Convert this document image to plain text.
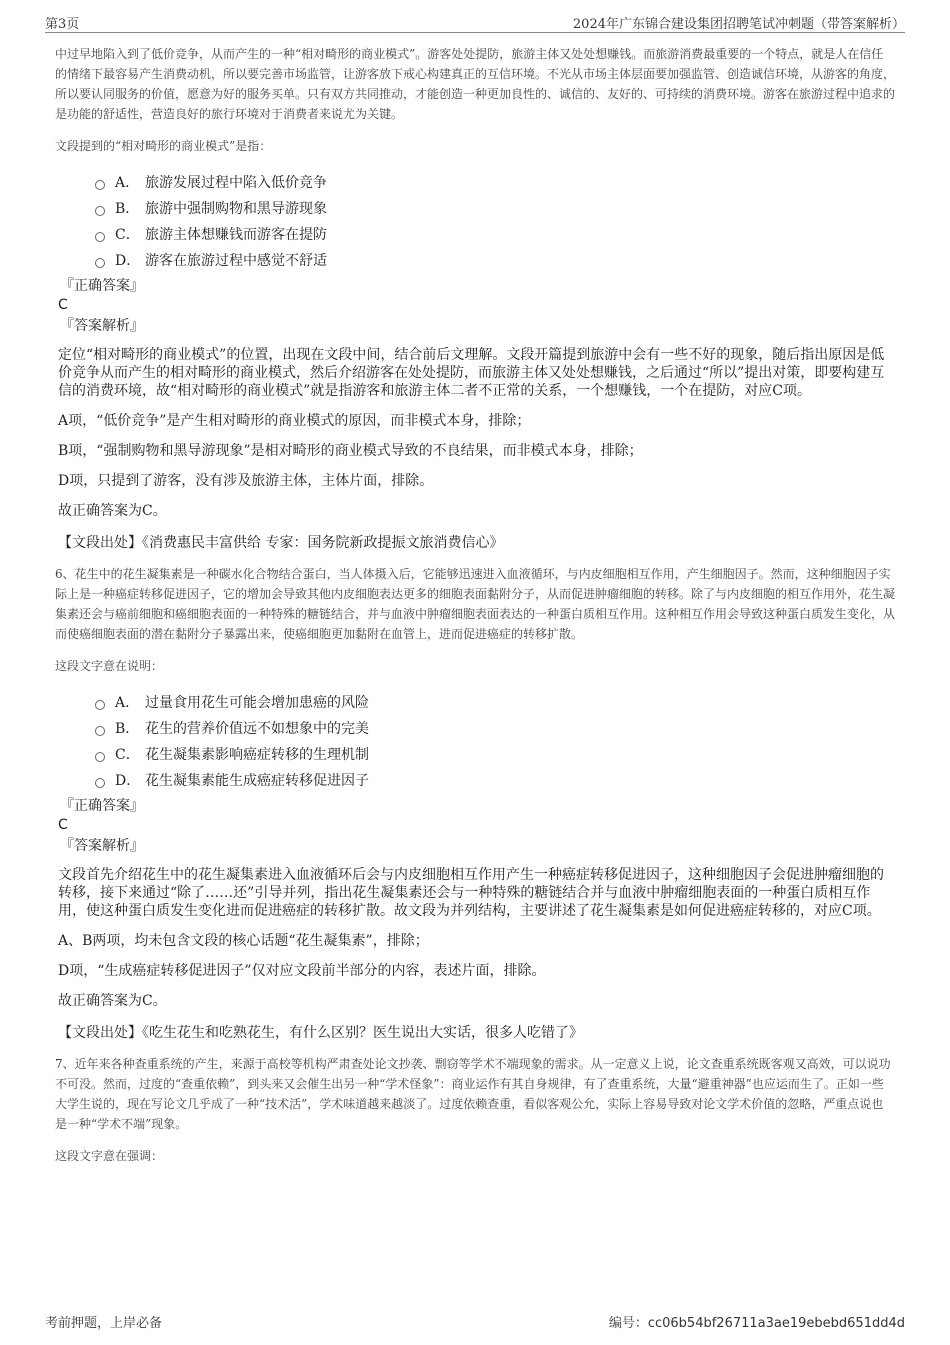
第3页	2024年广东锦合建设集团招聘笔试冲刺题（带答案解析）

中过早地陷入到了低价竞争，从而产生的一种“相对畸形的商业模式”。游客处处提防，旅游主体又处处想赚钱。而旅游消费最重要的一个特点，就是人在信任的情绪下最容易产生消费动机，所以要完善市场监管，让游客放下戒心构建真正的互信环境。不光从市场主体层面要加强监管、创造诚信环境，从游客的角度，所以要认同服务的价值，愿意为好的服务买单。只有双方共同推动，才能创造一种更加良性的、诚信的、友好的、可持续的消费环境。游客在旅游过程中追求的是功能的舒适性，营造良好的旅行环境对于消费者来说尤为关键。

文段提到的“相对畸形的商业模式”是指：

A． 旅游发展过程中陷入低价竞争
B． 旅游中强制购物和黑导游现象
C． 旅游主体想赚钱而游客在提防
D． 游客在旅游过程中感觉不舒适

『正确答案』

C

『答案解析』

定位“相对畸形的商业模式”的位置，出现在文段中间，结合前后文理解。文段开篇提到旅游中会有一些不好的现象，随后指出原因是低价竞争从而产生的相对畸形的商业模式，然后介绍游客在处处提防，而旅游主体又处处想赚钱，之后通过“所以”提出对策，即要构建互信的消费环境，故“相对畸形的商业模式”就是指游客和旅游主体二者不正常的关系，一个想赚钱，一个在提防，对应C项。

A项，“低价竞争”是产生相对畸形的商业模式的原因，而非模式本身，排除；

B项，“强制购物和黑导游现象”是相对畸形的商业模式导致的不良结果，而非模式本身，排除；

D项，只提到了游客，没有涉及旅游主体，主体片面，排除。

故正确答案为C。

【文段出处】《消费惠民丰富供给 专家：国务院新政提振文旅消费信心》

6、花生中的花生凝集素是一种碳水化合物结合蛋白，当人体摄入后，它能够迅速进入血液循环，与内皮细胞相互作用，产生细胞因子。然而，这种细胞因子实际上是一种癌症转移促进因子，它的增加会导致其他内皮细胞表达更多的细胞表面黏附分子，从而促进肿瘤细胞的转移。除了与内皮细胞的相互作用外，花生凝集素还会与癌前细胞和癌细胞表面的一种特殊的糖链结合，并与血液中肿瘤细胞表面表达的一种蛋白质相互作用。这种相互作用会导致这种蛋白质发生变化，从而使癌细胞表面的潜在黏附分子暴露出来，使癌细胞更加黏附在血管上，进而促进癌症的转移扩散。

这段文字意在说明：

A． 过量食用花生可能会增加患癌的风险
B． 花生的营养价值远不如想象中的完美
C． 花生凝集素影响癌症转移的生理机制
D． 花生凝集素能生成癌症转移促进因子

『正确答案』

C

『答案解析』

文段首先介绍花生中的花生凝集素进入血液循环后会与内皮细胞相互作用产生一种癌症转移促进因子，这种细胞因子会促进肿瘤细胞的转移，接下来通过“除了……还”引导并列，指出花生凝集素还会与一种特殊的糖链结合并与血液中肿瘤细胞表面的一种蛋白质相互作用，使这种蛋白质发生变化进而促进癌症的转移扩散。故文段为并列结构，主要讲述了花生凝集素是如何促进癌症转移的，对应C项。

A、B两项，均未包含文段的核心话题“花生凝集素”，排除；

D项，“生成癌症转移促进因子”仅对应文段前半部分的内容，表述片面，排除。

故正确答案为C。

【文段出处】《吃生花生和吃熟花生，有什么区别？医生说出大实话，很多人吃错了》

7、近年来各种查重系统的产生，来源于高校等机构严肃查处论文抄袭、剽窃等学术不端现象的需求。从一定意义上说，论文查重系统既客观又高效，可以说功不可没。然而，过度的“查重依赖”，到头来又会催生出另一种“学术怪象”：商业运作有其自身规律，有了查重系统，大量“避重神器”也应运而生了。正如一些大学生说的，现在写论文几乎成了一种“技术活”，学术味道越来越淡了。过度依赖查重，看似客观公允，实际上容易导致对论文学术价值的忽略，严重点说也是一种“学术不端”现象。

这段文字意在强调：

考前押题，上岸必备	编号：cc06b54bf26711a3ae19ebebd651dd4d
